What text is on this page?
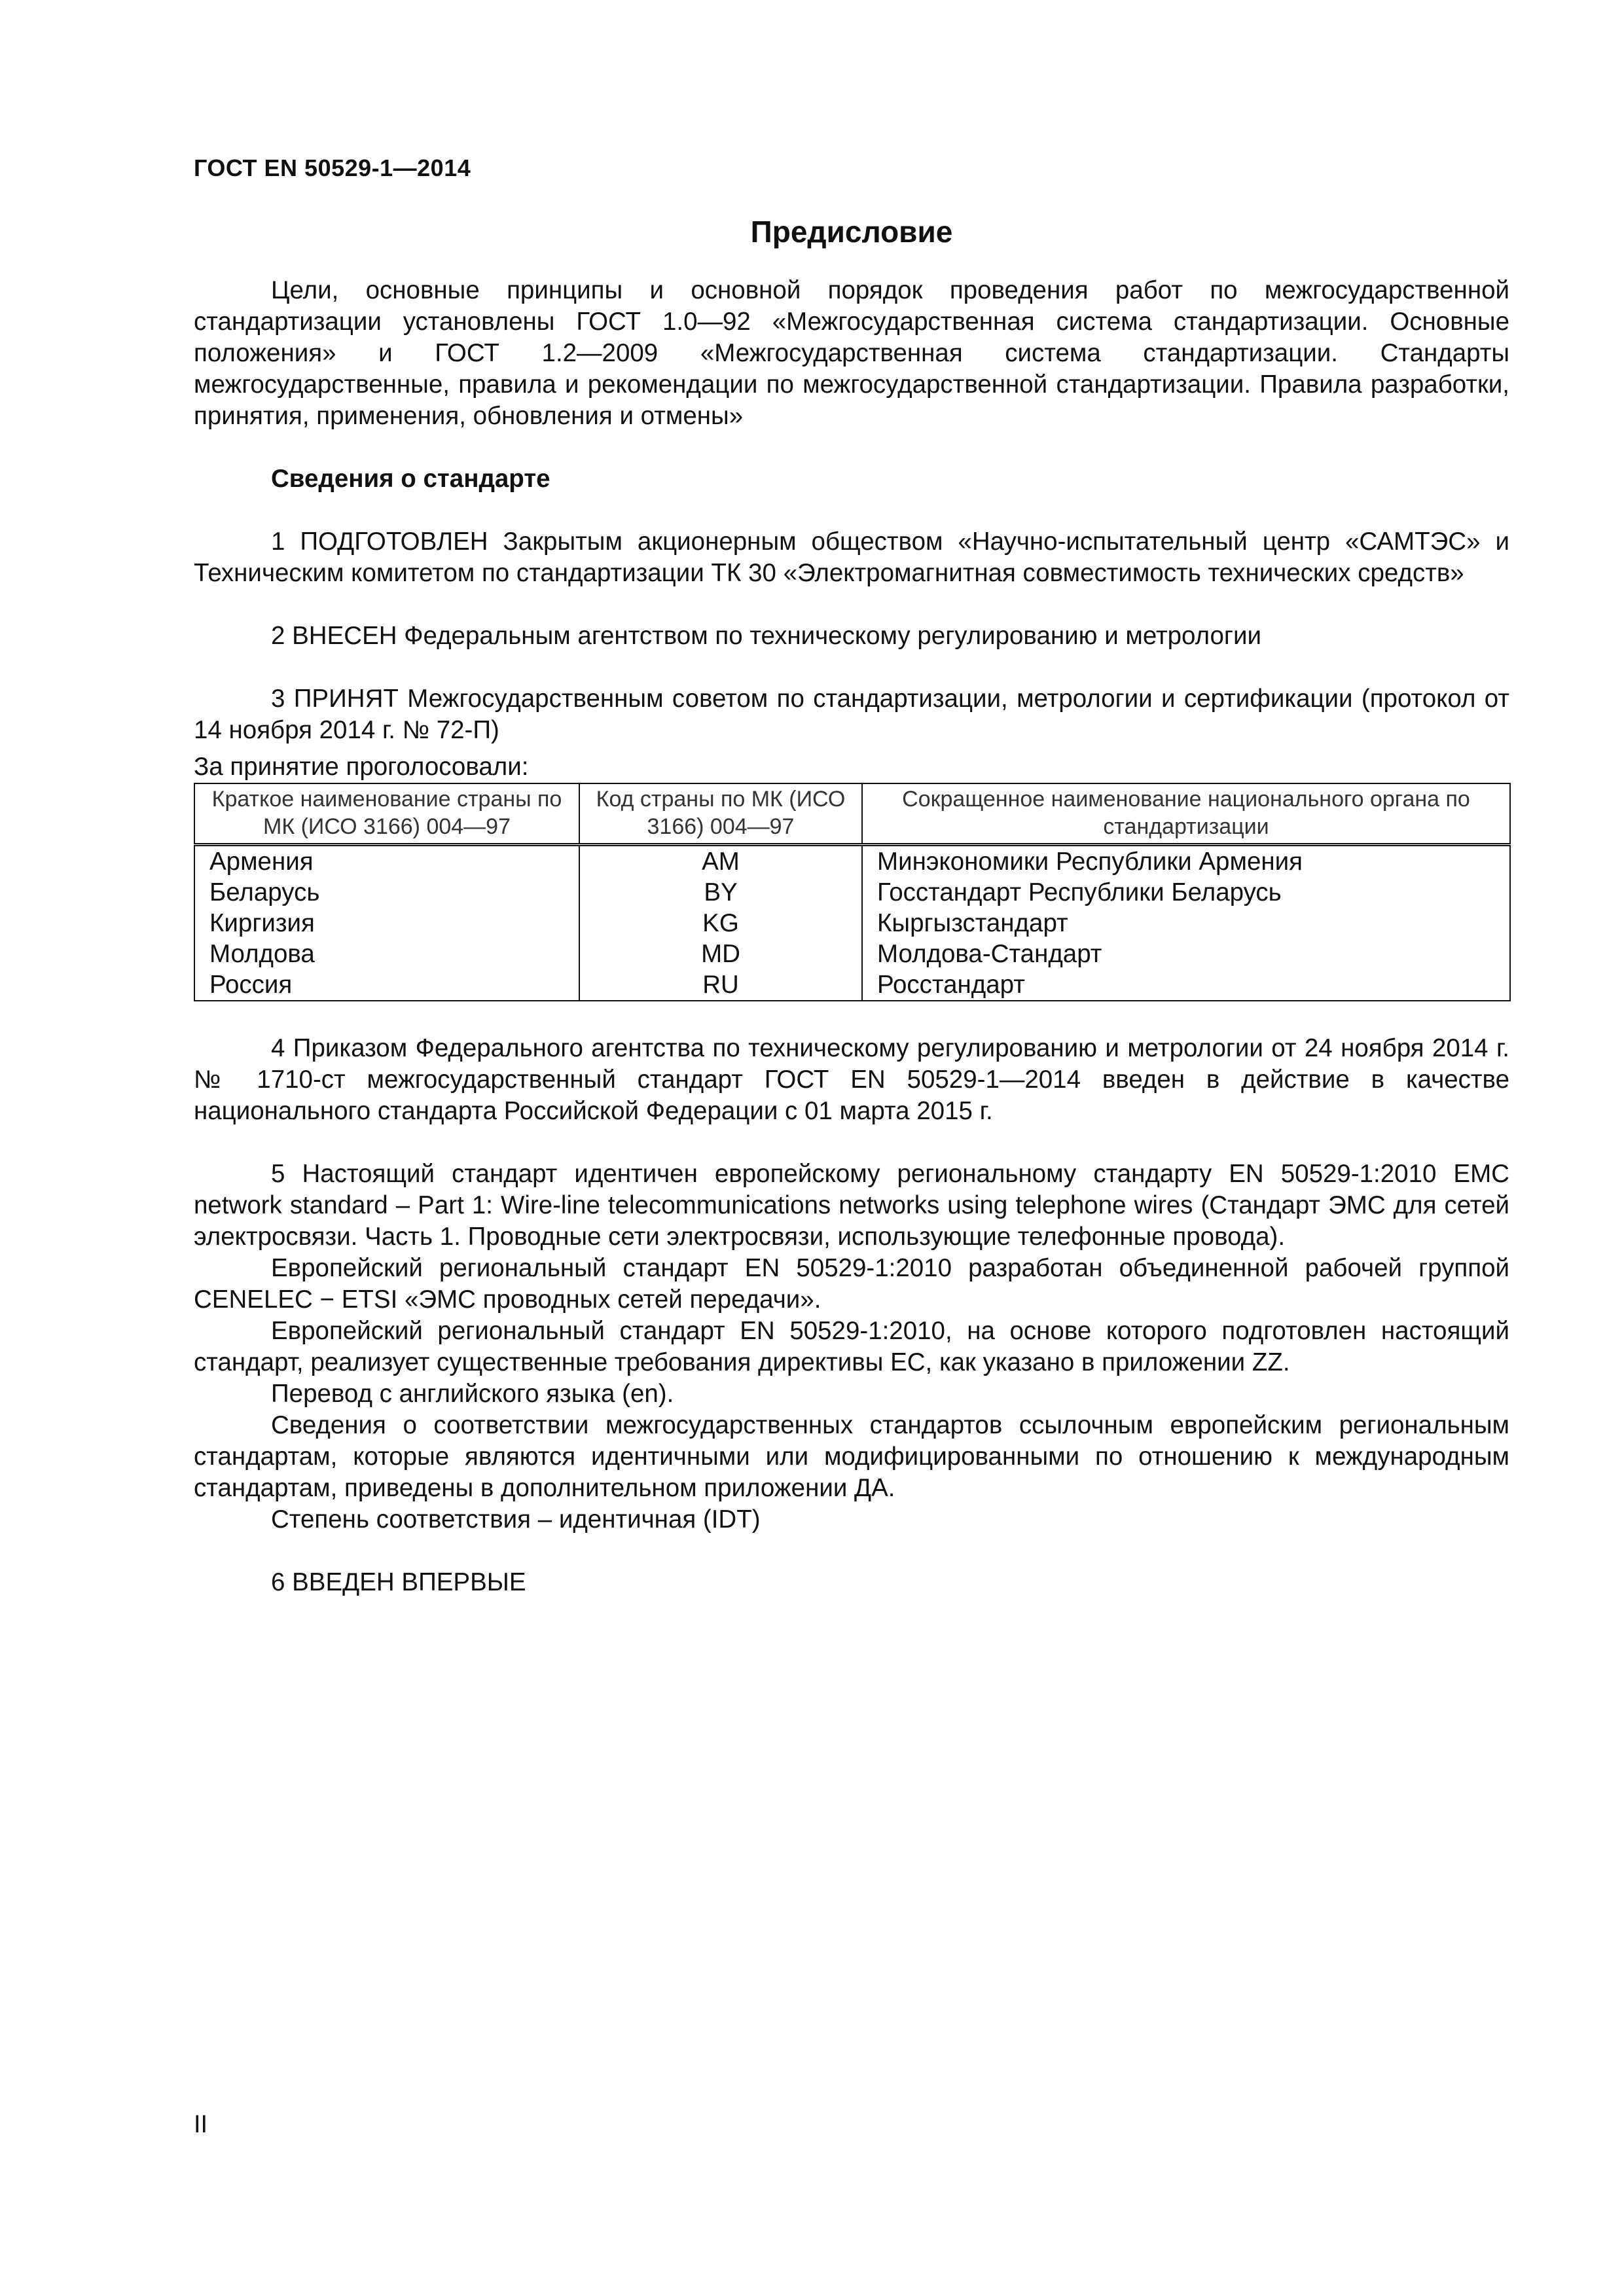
ГОСТ EN 50529-1—2014
Предисловие

Цели, основные принципы и основной порядок проведения работ по межгосударственной стандартизации установлены ГОСТ 1.0—92 «Межгосударственная система стандартизации. Основные положения» и ГОСТ 1.2—2009 «Межгосударственная система стандартизации. Стандарты межгосударственные, правила и рекомендации по межгосударственной стандартизации. Правила разработки, принятия, применения, обновления и отмены»

Сведения о стандарте

1 ПОДГОТОВЛЕН Закрытым акционерным обществом «Научно-испытательный центр «САМТЭС» и Техническим комитетом по стандартизации ТК 30 «Электромагнитная совместимость технических средств»

2 ВНЕСЕН Федеральным агентством по техническому регулированию и метрологии

3 ПРИНЯТ Межгосударственным советом по стандартизации, метрологии и сертификации (протокол от 14 ноября 2014 г. № 72-П)

За принятие проголосовали:

Краткое наименование страны по МК (ИСО 3166) 004—97	Код страны по МК (ИСО 3166) 004—97	Сокращенное наименование национального органа по стандартизации
Армения	AM	Минэкономики Республики Армения
Беларусь	BY	Госстандарт Республики Беларусь
Киргизия	KG	Кыргызстандарт
Молдова	MD	Молдова-Стандарт
Россия	RU	Росстандарт

4 Приказом Федерального агентства по техническому регулированию и метрологии от 24 ноября 2014 г. № 1710-ст межгосударственный стандарт ГОСТ EN 50529-1—2014 введен в действие в качестве национального стандарта Российской Федерации с 01 марта 2015 г.

5 Настоящий стандарт идентичен европейскому региональному стандарту EN 50529-1:2010 EMC network standard – Part 1: Wire-line telecommunications networks using telephone wires (Стандарт ЭМС для сетей электросвязи. Часть 1. Проводные сети электросвязи, использующие телефонные провода).

Европейский региональный стандарт EN 50529-1:2010 разработан объединенной рабочей группой CENELEC − ETSI «ЭМС проводных сетей передачи».

Европейский региональный стандарт EN 50529-1:2010, на основе которого подготовлен настоящий стандарт, реализует существенные требования директивы ЕС, как указано в приложении ZZ.

Перевод с английского языка (en).

Сведения о соответствии межгосударственных стандартов ссылочным европейским региональным стандартам, которые являются идентичными или модифицированными по отношению к международным стандартам, приведены в дополнительном приложении ДА.

Степень соответствия – идентичная (IDT)

6 ВВЕДЕН ВПЕРВЫЕ

II
